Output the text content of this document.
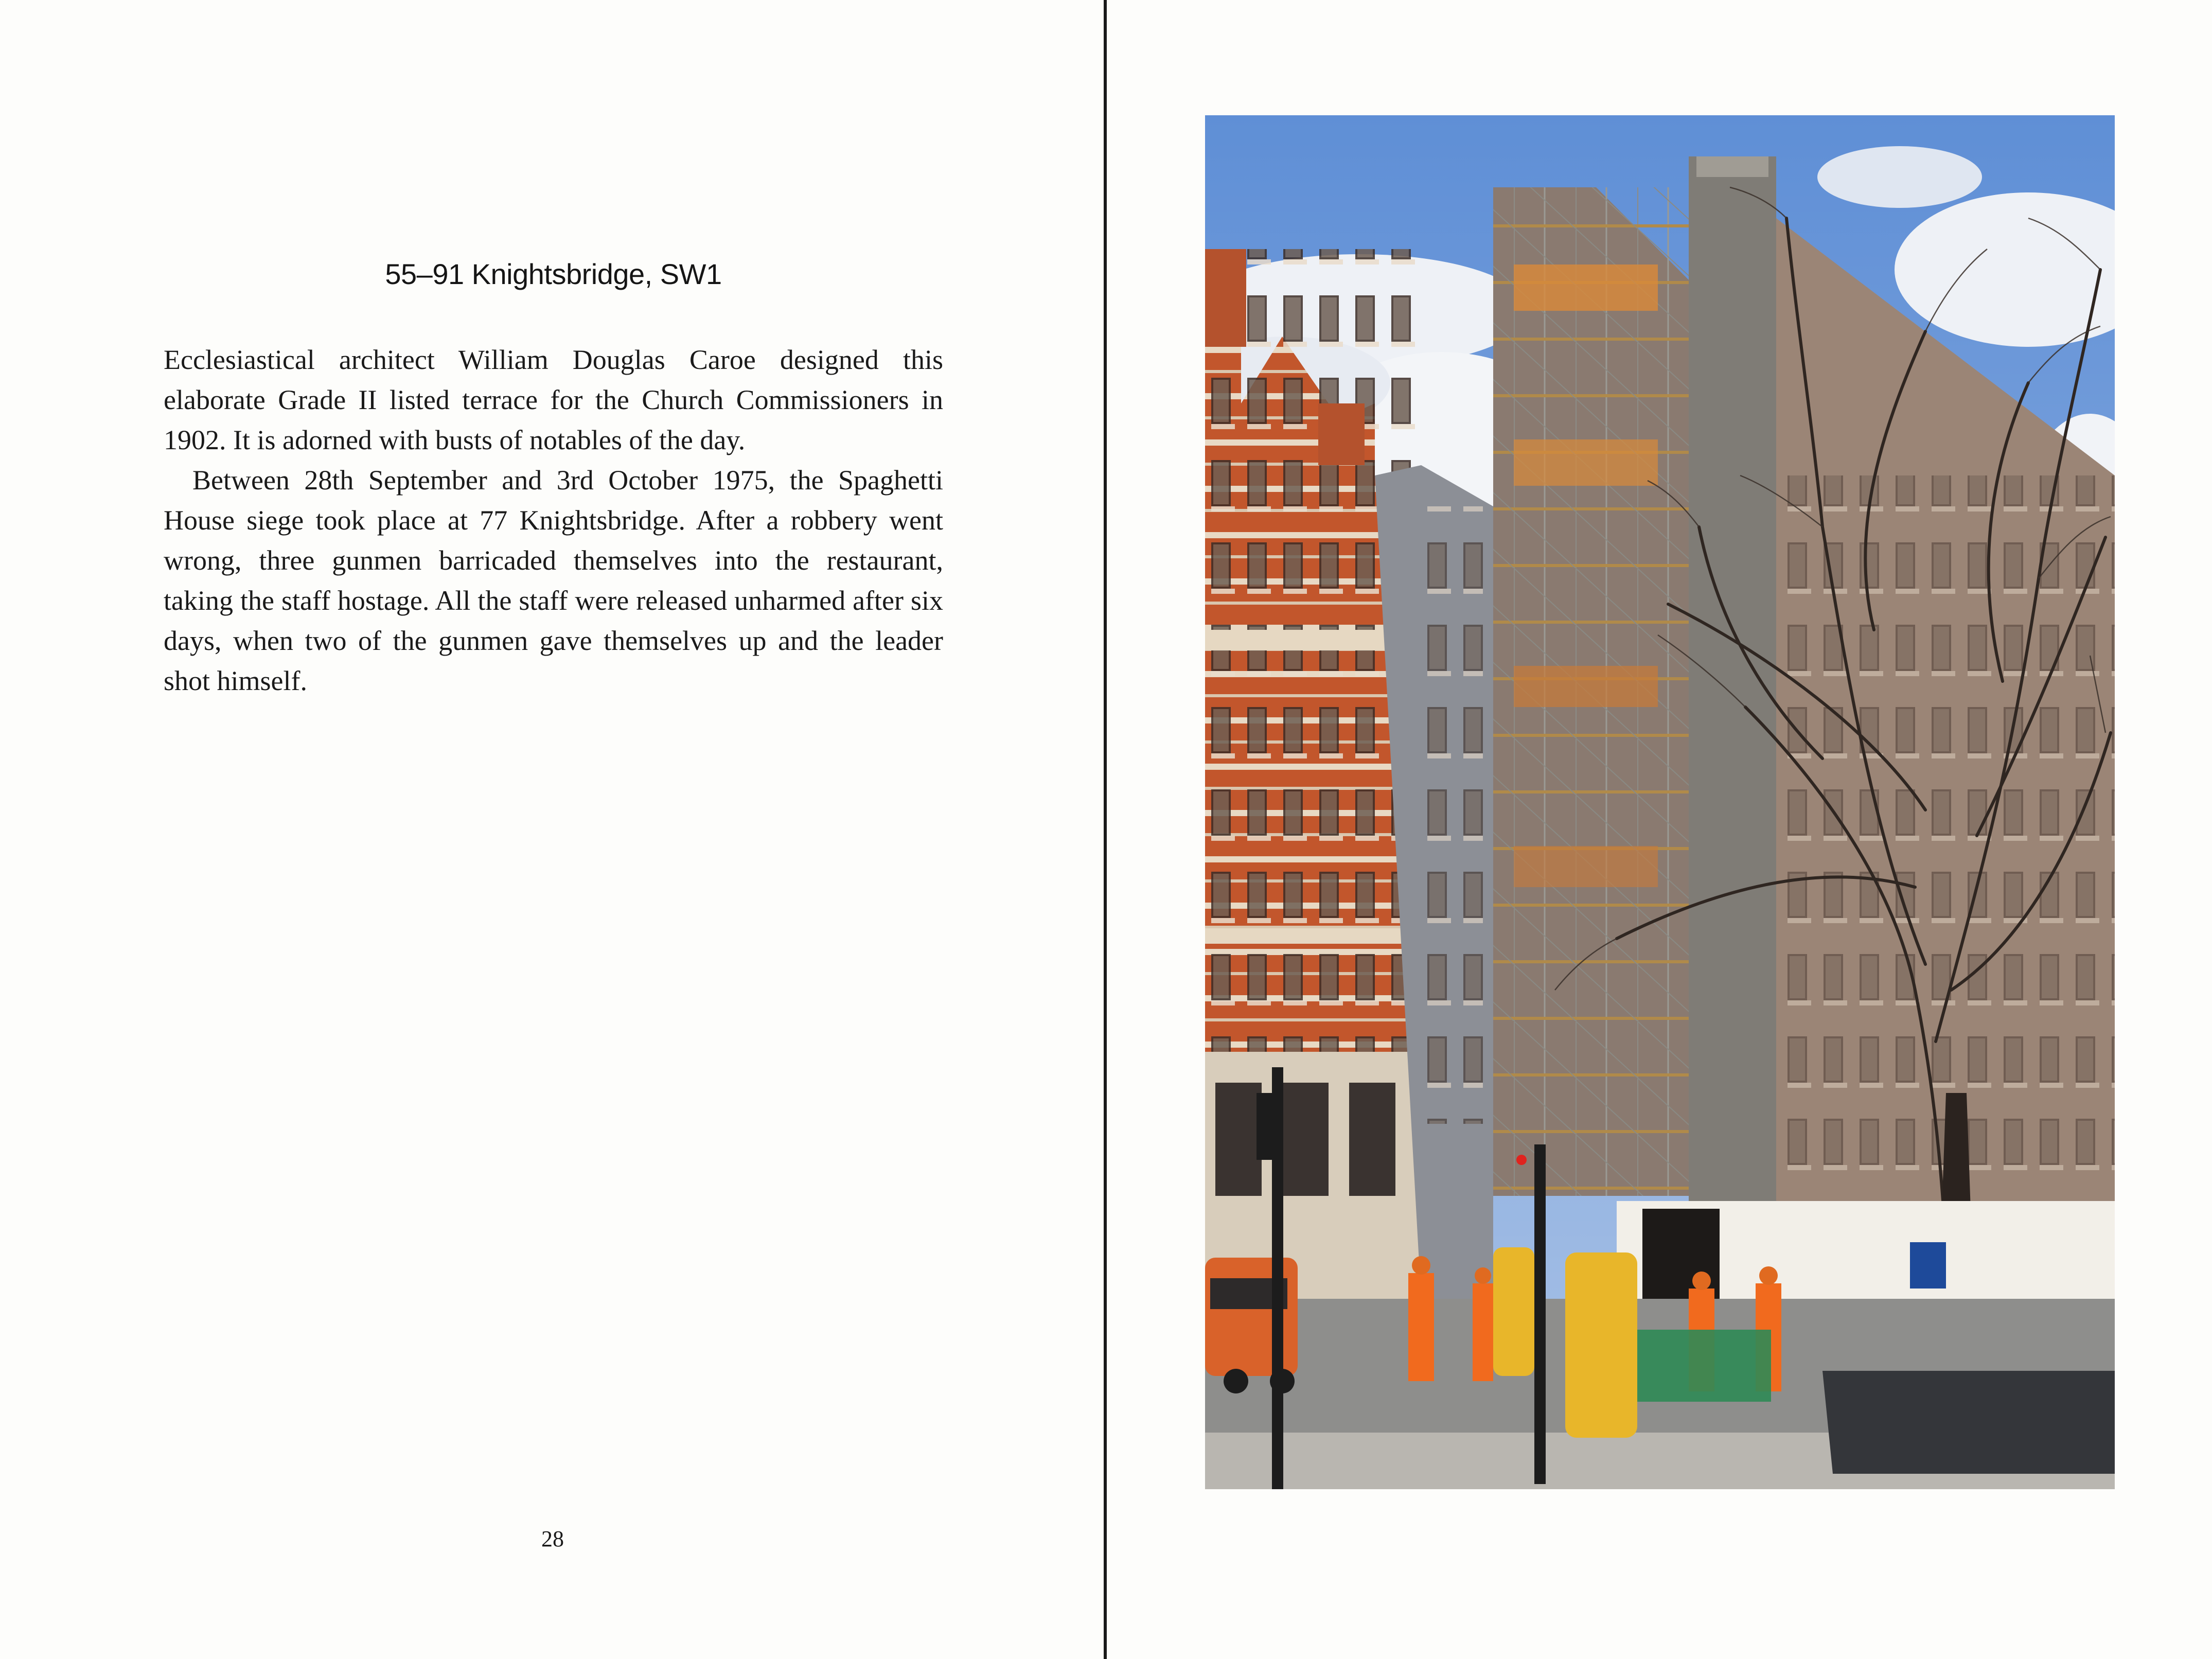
55–91 Knightsbridge, SW1

Ecclesiastical architect William Douglas Caroe designed this elaborate Grade II listed terrace for the Church Commissioners in 1902. It is adorned with busts of notables of the day.

Between 28th September and 3rd October 1975, the Spaghetti House siege took place at 77 Knightsbridge. After a robbery went wrong, three gunmen barricaded themselves into the restaurant, taking the staff hostage. All the staff were released unharmed after six days, when two of the gunmen gave themselves up and the leader shot himself.

28
